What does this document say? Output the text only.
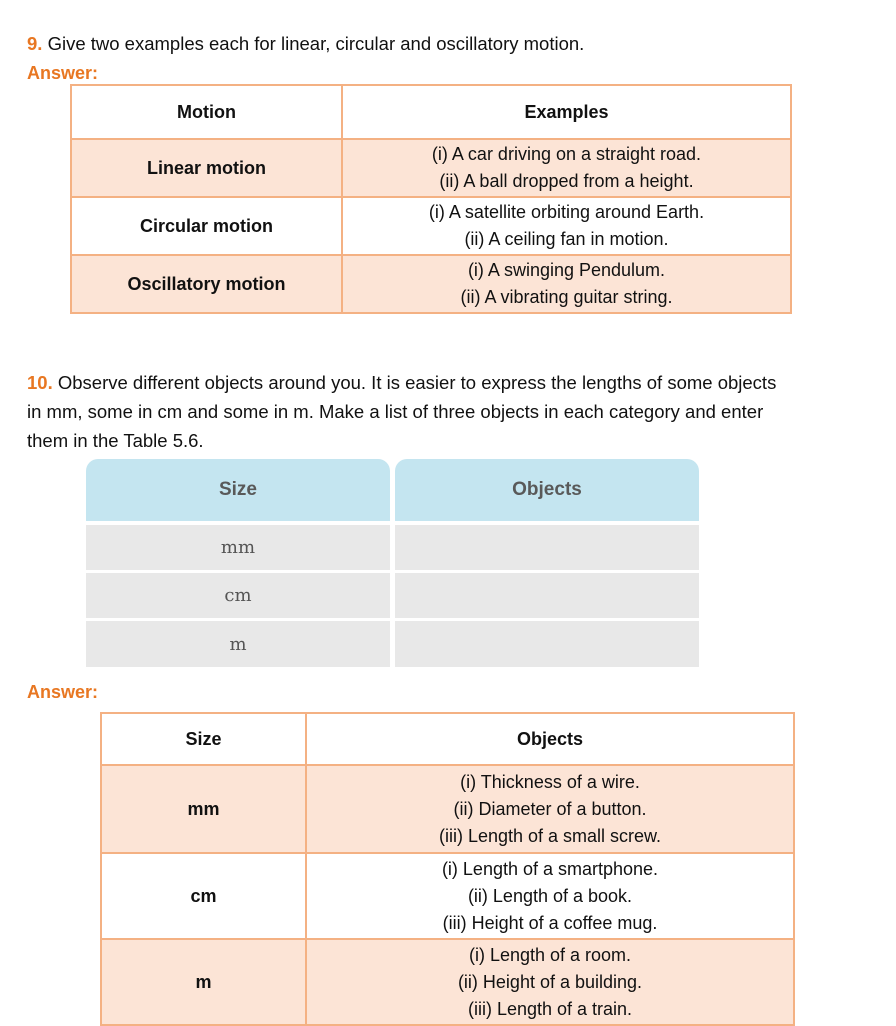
9. Give two examples each for linear, circular and oscillatory motion.

Answer:

Motion	Examples
Linear motion	(i) A car driving on a straight road.
(ii) A ball dropped from a height.

Circular motion	(i) A satellite orbiting around Earth.
(ii) A ceiling fan in motion.

Oscillatory motion	(i) A swinging Pendulum.
(ii) A vibrating guitar string.

10. Observe different objects around you. It is easier to express the lengths of some objects

in mm, some in cm and some in m. Make a list of three objects in each category and enter

them in the Table 5.6.

Size	Objects
mm
cm
m

Answer:

Size	Objects
mm	(i) Thickness of a wire.
(ii) Diameter of a button.
(iii) Length of a small screw.

cm	(i) Length of a smartphone.
(ii) Length of a book.
(iii) Height of a coffee mug.

m	(i) Length of a room.
(ii) Height of a building.
(iii) Length of a train.
